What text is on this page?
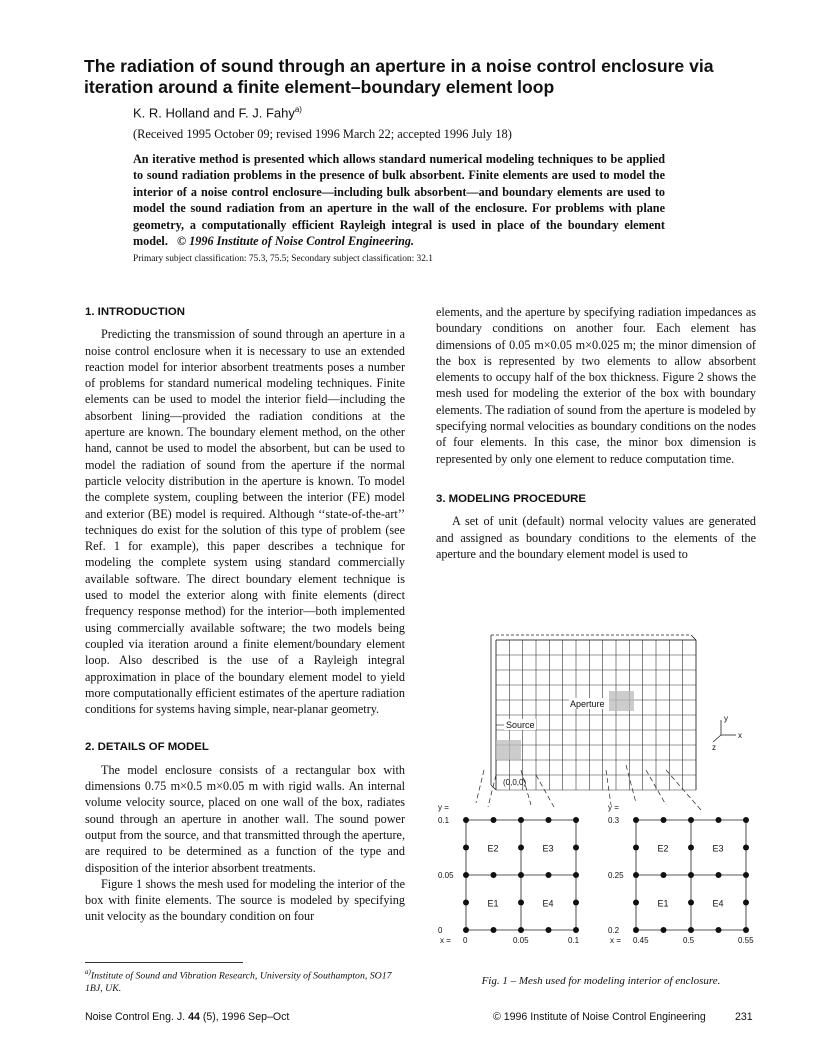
The radiation of sound through an aperture in a noise control enclosure via iteration around a finite element–boundary element loop
K. R. Holland and F. J. Fahy$^{a)}$
(Received 1995 October 09; revised 1996 March 22; accepted 1996 July 18)

An iterative method is presented which allows standard numerical modeling techniques to be applied to sound radiation problems in the presence of bulk absorbent. Finite elements are used to model the interior of a noise control enclosure—including bulk absorbent—and boundary elements are used to model the sound radiation from an aperture in the wall of the enclosure. For problems with plane geometry, a computationally efficient Rayleigh integral is used in place of the boundary element model. © 1996 Institute of Noise Control Engineering.

Primary subject classification: 75.3, 75.5; Secondary subject classification: 32.1
1. INTRODUCTION

Predicting the transmission of sound through an aperture in a noise control enclosure when it is necessary to use an extended reaction model for interior absorbent treatments poses a number of problems for standard numerical modeling techniques. Finite elements can be used to model the interior field—including the absorbent lining—provided the radiation conditions at the aperture are known. The boundary element method, on the other hand, cannot be used to model the absorbent, but can be used to model the radiation of sound from the aperture if the normal particle velocity distribution in the aperture is known. To model the complete system, coupling between the interior (FE) model and exterior (BE) model is required. Although ‘‘state-of-the-art’’ techniques do exist for the solution of this type of problem (see Ref. 1 for example), this paper describes a technique for modeling the complete system using standard commercially available software. The direct boundary element technique is used to model the exterior along with finite elements (direct frequency response method) for the interior—both implemented using commercially available software; the two models being coupled via iteration around a finite element/boundary element loop. Also described is the use of a Rayleigh integral approximation in place of the boundary element model to yield more computationally efficient estimates of the aperture radiation conditions for systems having simple, near-planar geometry.

2. DETAILS OF MODEL

The model enclosure consists of a rectangular box with dimensions 0.75 m×0.5 m×0.05 m with rigid walls. An internal volume velocity source, placed on one wall of the box, radiates sound through an aperture in another wall. The sound power output from the source, and that transmitted through the aperture, are required to be determined as a function of the type and disposition of the interior absorbent treatments.

Figure 1 shows the mesh used for modeling the interior of the box with finite elements. The source is modeled by specifying unit velocity as the boundary condition on four

elements, and the aperture by specifying radiation impedances as boundary conditions on another four. Each element has dimensions of 0.05 m×0.05 m×0.025 m; the minor dimension of the box is represented by two elements to allow absorbent elements to occupy half of the box thickness. Figure 2 shows the mesh used for modeling the exterior of the box with boundary elements. The radiation of sound from the aperture is modeled by specifying normal velocities as boundary conditions on the nodes of four elements. In this case, the minor box dimension is represented by only one element to reduce computation time.

3. MODELING PROCEDURE

A set of unit (default) normal velocity values are generated and assigned as boundary conditions to the elements of the aperture and the boundary element model is used to

Aperture
Source
(0,0,0)
y
x
z
E2	E3
E1	E4
y =
0.1
0.05
0
x = 0	0.05	0.1
E2	E3
E1	E4
y =
0.3
0.25
0.2
x = 0.45	0.5	0.55
Fig. 1 – Mesh used for modeling interior of enclosure.
$^{a)}$Institute of Sound and Vibration Research, University of Southampton, SO17 1BJ, UK.
Noise Control Eng. J. 44 (5), 1996 Sep–Oct	© 1996 Institute of Noise Control Engineering	231
